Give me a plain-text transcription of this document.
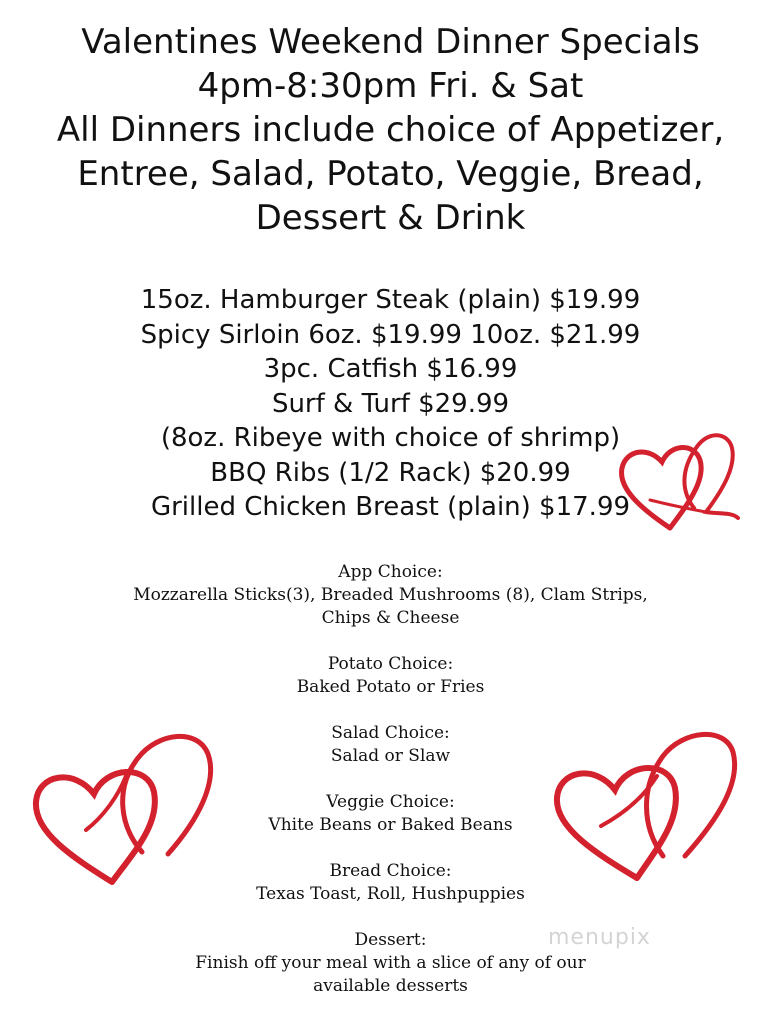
Valentines Weekend Dinner Specials
4pm-8:30pm Fri. & Sat
All Dinners include choice of Appetizer,
Entree, Salad, Potato, Veggie, Bread,
Dessert & Drink
15oz. Hamburger Steak (plain) $19.99
Spicy Sirloin 6oz. $19.99 10oz. $21.99
3pc. Catfish $16.99
Surf & Turf $29.99
(8oz. Ribeye with choice of shrimp)
BBQ Ribs (1/2 Rack) $20.99
Grilled Chicken Breast (plain) $17.99
App Choice:
Mozzarella Sticks(3), Breaded Mushrooms (8), Clam Strips,
Chips & Cheese
Potato Choice:
Baked Potato or Fries
Salad Choice:
Salad or Slaw
Veggie Choice:
Vhite Beans or Baked Beans
Bread Choice:
Texas Toast, Roll, Hushpuppies
Dessert:
Finish off your meal with a slice of any of our
available desserts
menupix
